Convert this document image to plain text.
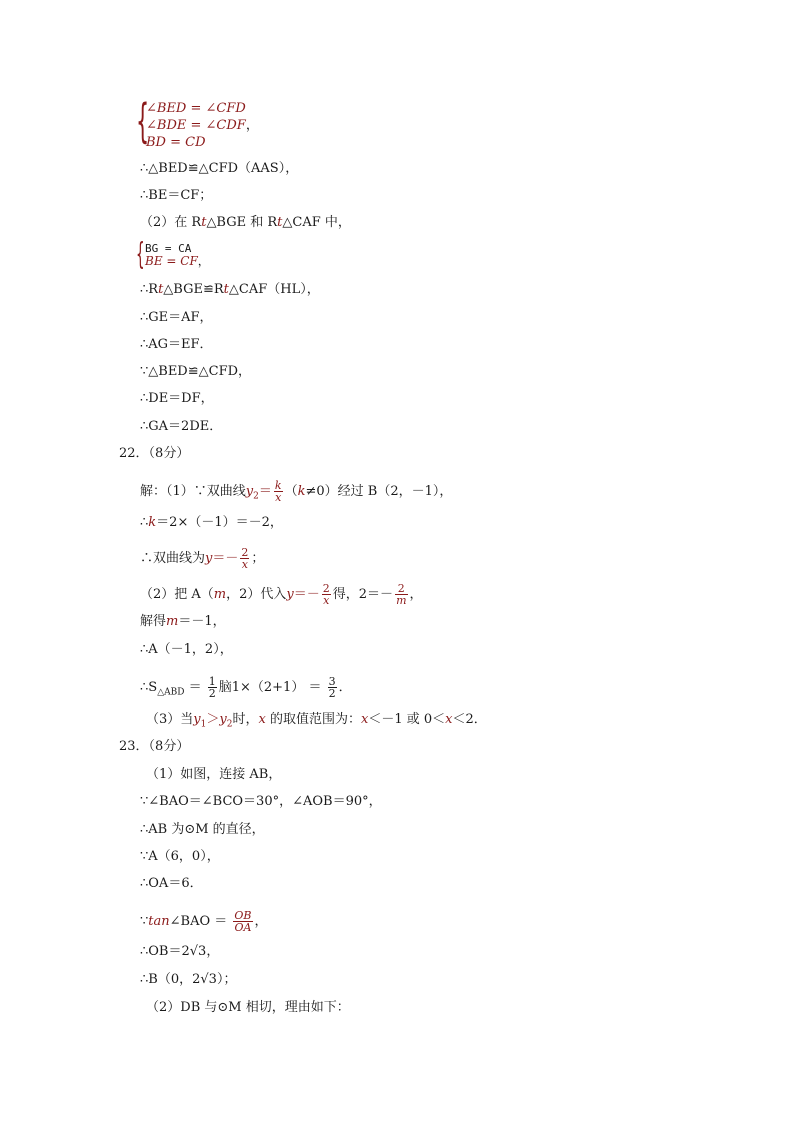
{
∠BED = ∠CFD
∠BDE = ∠CDF，
BD = CD
∴△BED≌△CFD（AAS），
∴BE＝CF；
（2）在 Rt△BGE 和 Rt△CAF 中，
{ BG = CA
BE = CF，
∴Rt△BGE≌Rt△CAF（HL），
∴GE＝AF，
∴AG＝EF．
∵△BED≌△CFD，
∴DE＝DF，
∴GA＝2DE．
22．（8分）
解：（1）∵双曲线$y_2= \frac{k}{x} (k\ne 0)$经过 B（2，－1），
∴k＝2×（－1）＝－2，
∴双曲线为$y=- \frac{2}{x}$ ；
（2）把 A（m，2）代入$y=- \frac{2}{x}$ 得，$2=- \frac{2}{m}$ ，
解得m＝－1，
∴A（－1，2），
$\therefore S_{\triangle ABD} = \frac{1}{2}$ 脑$1\times(2+1) = \frac{3}{2}$ ．
（3）当$y_1>y_2$时，x 的取值范围为：x＜－1 或 0＜x＜2．
23．（8分）
（1）如图，连接 AB，
∵∠BAO＝∠BCO＝30°，∠AOB＝90°，
∴AB 为⊙M 的直径，
∵A（6，0），
∴OA＝6．
∵tan∠BAO ＝ $\frac{OB}{OA}$ ，
∴OB＝2√3，
∴B（0，2√3）；
（2）DB 与⊙M 相切，理由如下：
